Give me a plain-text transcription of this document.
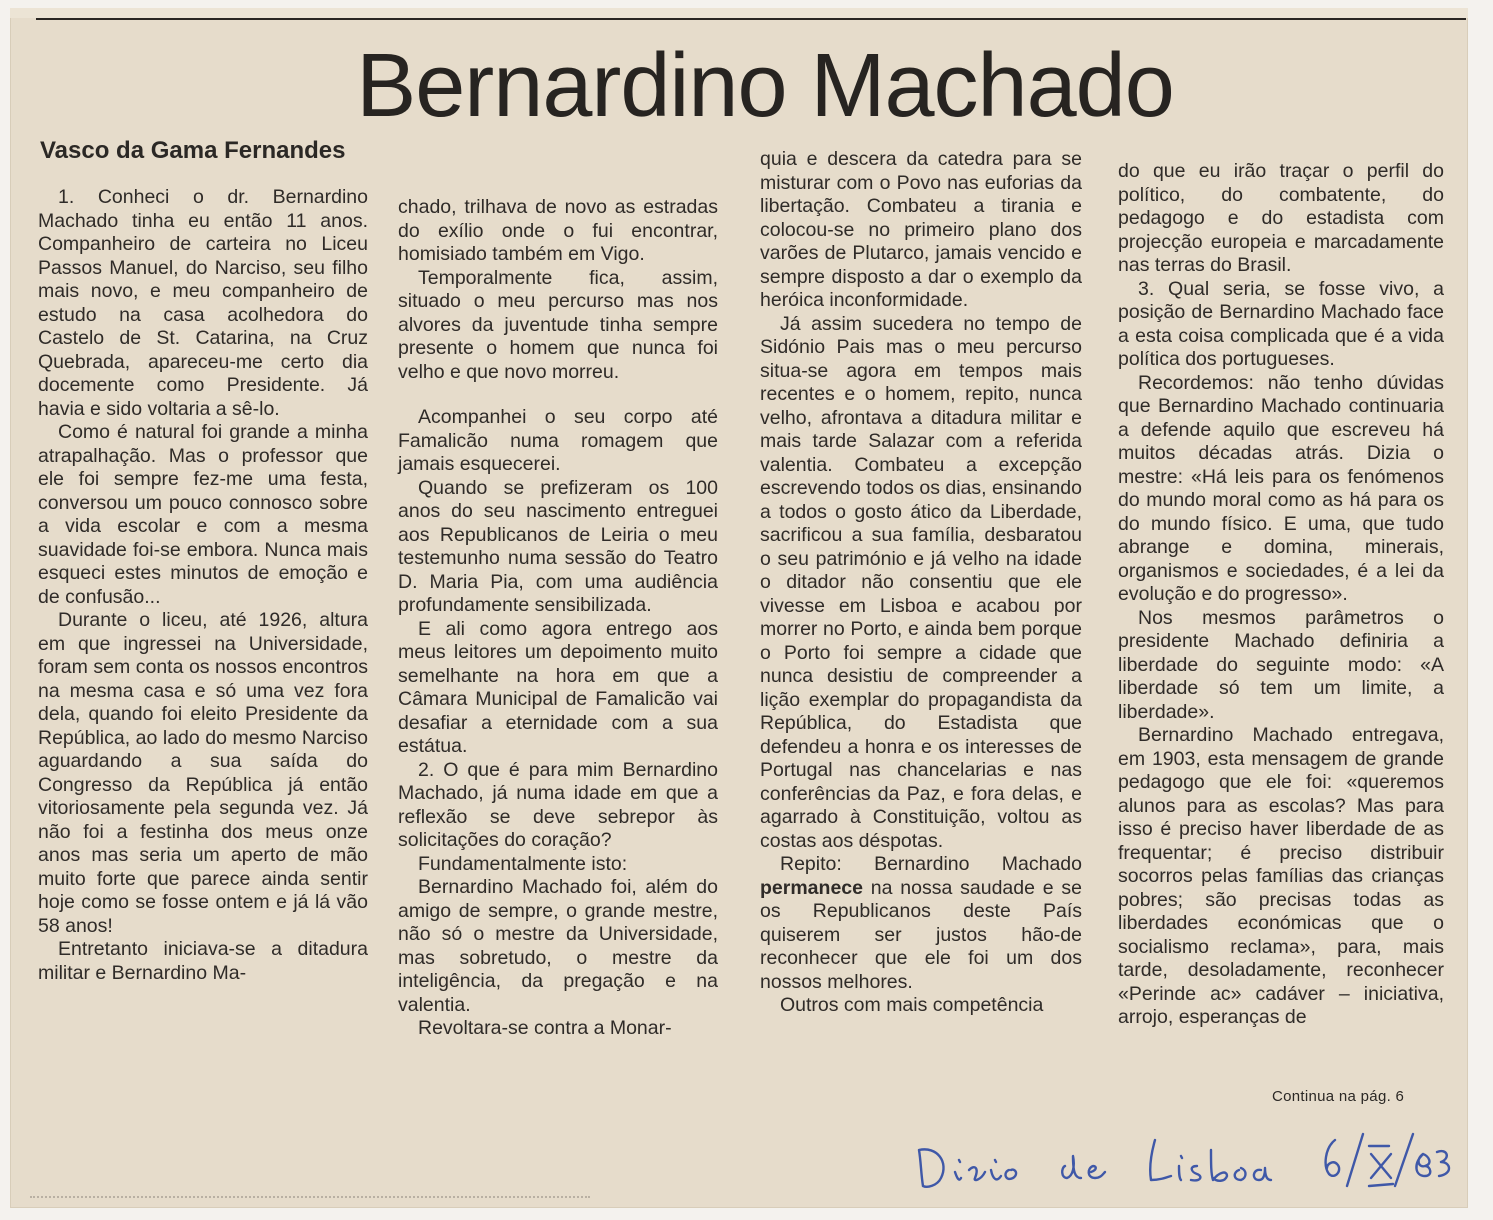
Bernardino Machado

Vasco da Gama Fernandes

1. Conheci o dr. Bernardino Machado tinha eu então 11 anos. Companheiro de carteira no Liceu Passos Manuel, do Narciso, seu filho mais novo, e meu companheiro de estudo na casa acolhedora do Castelo de St. Catarina, na Cruz Quebrada, apareceu-me certo dia docemente como Presidente. Já havia e sido voltaria a sê-lo.

Como é natural foi grande a minha atrapalhação. Mas o professor que ele foi sempre fez-me uma festa, conversou um pouco connosco sobre a vida escolar e com a mesma suavidade foi-se embora. Nunca mais esqueci estes minutos de emoção e de confusão...

Durante o liceu, até 1926, altura em que ingressei na Universidade, foram sem conta os nossos encontros na mesma casa e só uma vez fora dela, quando foi eleito Presidente da República, ao lado do mesmo Narciso aguardando a sua saída do Congresso da República já então vitoriosamente pela segunda vez. Já não foi a festinha dos meus onze anos mas seria um aperto de mão muito forte que parece ainda sentir hoje como se fosse ontem e já lá vão 58 anos!

Entretanto iniciava-se a ditadura militar e Bernardino Ma-

chado, trilhava de novo as estradas do exílio onde o fui encontrar, homisiado também em Vigo.

Temporalmente fica, assim, situado o meu percurso mas nos alvores da juventude tinha sempre presente o homem que nunca foi velho e que novo morreu.

Acompanhei o seu corpo até Famalicão numa romagem que jamais esquecerei.

Quando se prefizeram os 100 anos do seu nascimento entreguei aos Republicanos de Leiria o meu testemunho numa sessão do Teatro D. Maria Pia, com uma audiência profundamente sensibilizada.

E ali como agora entrego aos meus leitores um depoimento muito semelhante na hora em que a Câmara Municipal de Famalicão vai desafiar a eternidade com a sua estátua.

2. O que é para mim Bernardino Machado, já numa idade em que a reflexão se deve sebrepor às solicitações do coração?

Fundamentalmente isto:

Bernardino Machado foi, além do amigo de sempre, o grande mestre, não só o mestre da Universidade, mas sobretudo, o mestre da inteligência, da pregação e na valentia.

Revoltara-se contra a Monar-

quia e descera da catedra para se misturar com o Povo nas euforias da libertação. Combateu a tirania e colocou-se no primeiro plano dos varões de Plutarco, jamais vencido e sempre disposto a dar o exemplo da heróica inconformidade.

Já assim sucedera no tempo de Sidónio Pais mas o meu percurso situa-se agora em tempos mais recentes e o homem, repito, nunca velho, afrontava a ditadura militar e mais tarde Salazar com a referida valentia. Combateu a excepção escrevendo todos os dias, ensinando a todos o gosto ático da Liberdade, sacrificou a sua família, desbaratou o seu património e já velho na idade o ditador não consentiu que ele vivesse em Lisboa e acabou por morrer no Porto, e ainda bem porque o Porto foi sempre a cidade que nunca desistiu de compreender a lição exemplar do propagandista da República, do Estadista que defendeu a honra e os interesses de Portugal nas chancelarias e nas conferências da Paz, e fora delas, e agarrado à Constituição, voltou as costas aos déspotas.

Repito: Bernardino Machado permanece na nossa saudade e se os Republicanos deste País quiserem ser justos hão-de reconhecer que ele foi um dos nossos melhores.

Outros com mais competência

do que eu irão traçar o perfil do político, do combatente, do pedagogo e do estadista com projecção europeia e marcadamente nas terras do Brasil.

3. Qual seria, se fosse vivo, a posição de Bernardino Machado face a esta coisa complicada que é a vida política dos portugueses.

Recordemos: não tenho dúvidas que Bernardino Machado continuaria a defende aquilo que escreveu há muitos décadas atrás. Dizia o mestre: «Há leis para os fenómenos do mundo moral como as há para os do mundo físico. E uma, que tudo abrange e domina, minerais, organismos e sociedades, é a lei da evolução e do progresso».

Nos mesmos parâmetros o presidente Machado definiria a liberdade do seguinte modo: «A liberdade só tem um limite, a liberdade».

Bernardino Machado entregava, em 1903, esta mensagem de grande pedagogo que ele foi: «queremos alunos para as escolas? Mas para isso é preciso haver liberdade de as frequentar; é preciso distribuir socorros pelas famílias das crianças pobres; são precisas todas as liberdades económicas que o socialismo reclama», para, mais tarde, desoladamente, reconhecer «Perinde ac» cadáver – iniciativa, arrojo, esperanças de

Continua na pág. 6
